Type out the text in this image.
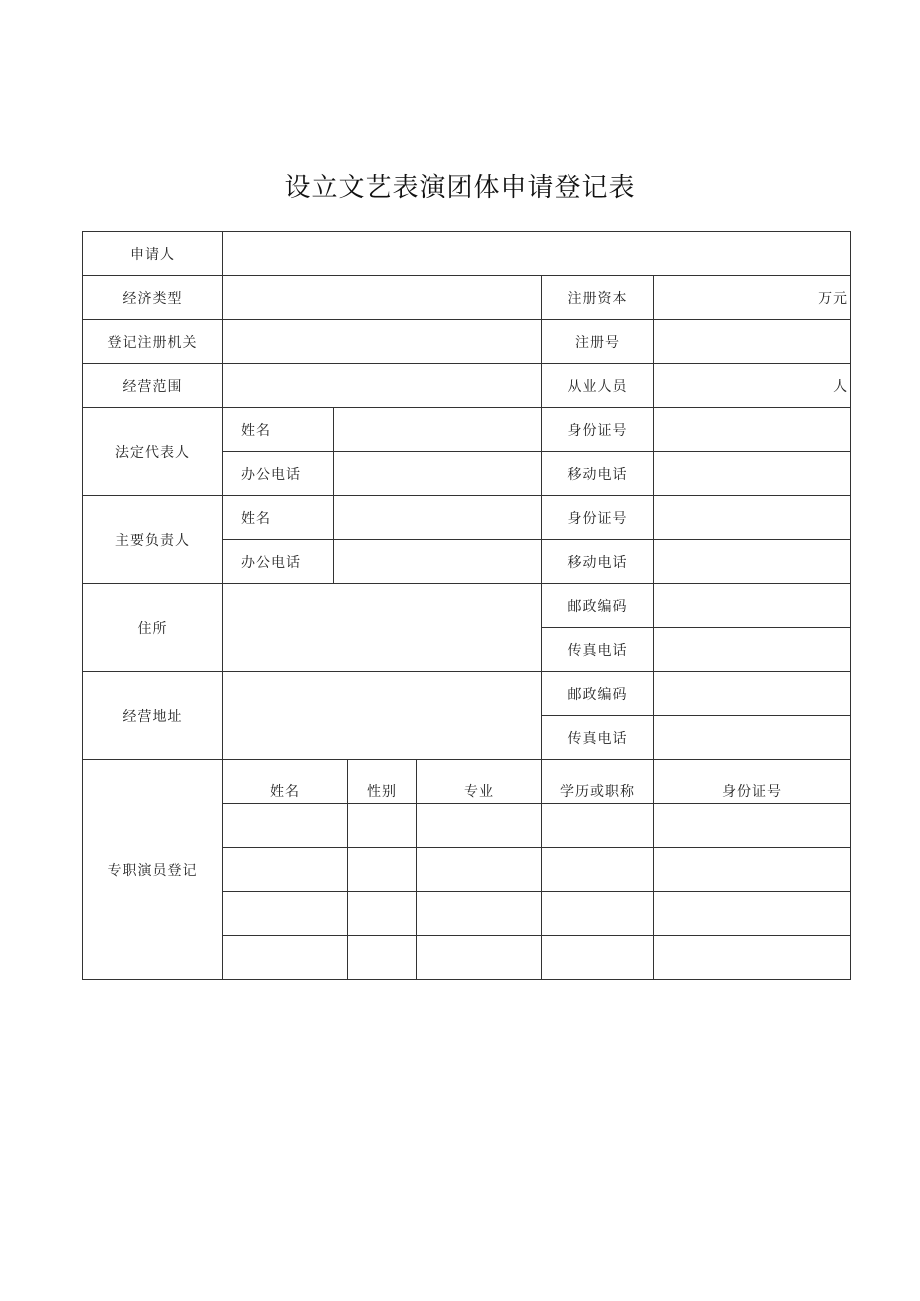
设立文艺表演团体申请登记表
申请人						
经济类型					注册资本	万元
登记注册机关					注册号	
经营范围					从业人员	人
法定代表人	姓名				身份证号	
	办公电话				移动电话	
主要负责人	姓名				身份证号	
	办公电话				移动电话	
住所					邮政编码	
					传真电话	
经营地址					邮政编码	
					传真电话	
专职演员登记	姓名		性别	专业	学历或职称	身份证号
